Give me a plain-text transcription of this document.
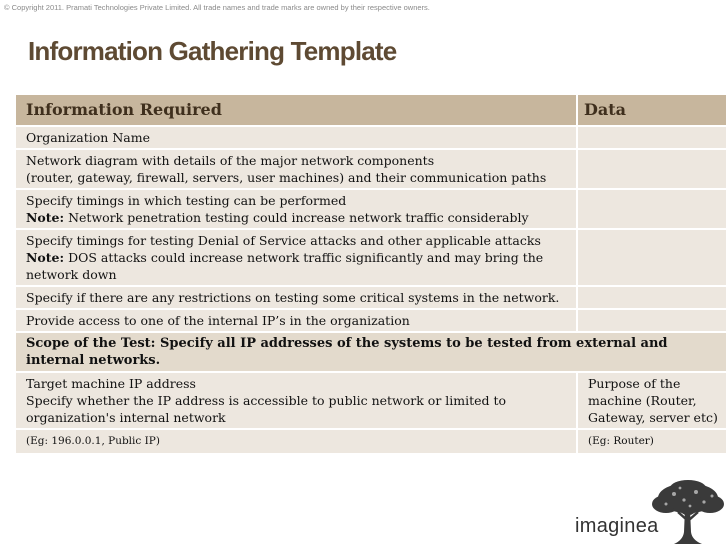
© Copyright 2011. Pramati Technologies Private Limited. All trade names and trade marks are owned by their respective owners.
Information Gathering Template
Information Required	Data

Organization Name	

Network diagram with details of the major network components
(router, gateway, firewall, servers, user machines) and their communication paths	

Specify timings in which testing can be performed
Note: Network penetration testing could increase network traffic considerably	

Specify timings for testing Denial of Service attacks and other applicable attacks
Note: DOS attacks could increase network traffic significantly and may bring the
network down	

Specify if there are any restrictions on testing some critical systems in the network.	

Provide access to one of the internal IP’s in the organization	

Scope of the Test: Specify all IP addresses of the systems to be tested from external and
internal networks.	

Target machine IP address
Specify whether the IP address is accessible to public network or limited to
organization's internal network	Purpose of the
machine (Router,
Gateway, server etc)

(Eg: 196.0.0.1, Public IP)	(Eg: Router)
imaginea
